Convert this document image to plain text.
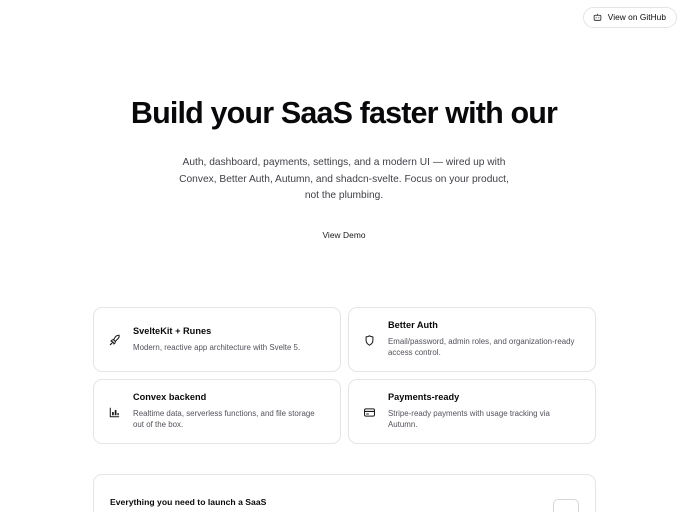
View on GitHub
Build your SaaS faster with our

Auth, dashboard, payments, settings, and a modern UI — wired up with Convex, Better Auth, Autumn, and shadcn-svelte. Focus on your product, not the plumbing.

View Demo
SvelteKit + Runes
Modern, reactive app architecture with Svelte 5.
Better Auth
Email/password, admin roles, and organization-ready access control.
Convex backend
Realtime data, serverless functions, and file storage out of the box.
Payments-ready
Stripe-ready payments with usage tracking via Autumn.
Everything you need to launch a SaaS
